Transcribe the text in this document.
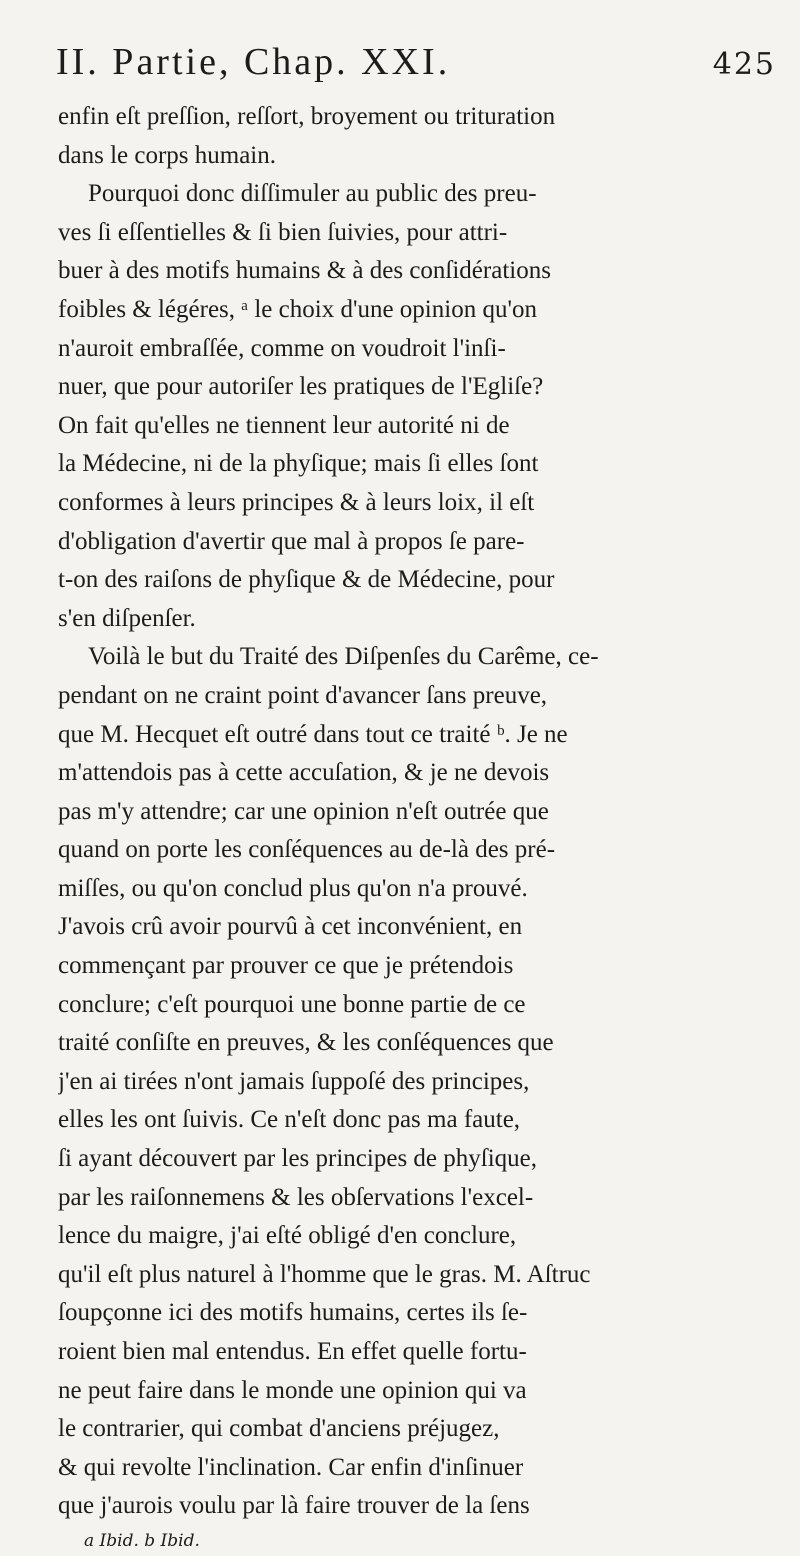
II. Partie, Chap. XXI.	425
enfin eſt preſſion, reſſort, broyement ou trituration
dans le corps humain.
Pourquoi donc diſſimuler au public des preu-
ves ſi eſſentielles & ſi bien ſuivies, pour attri-
buer à des motifs humains & à des conſidérations
foibles & légéres, ᵃ le choix d'une opinion qu'on
n'auroit embraſſée, comme on voudroit l'inſi-
nuer, que pour autoriſer les pratiques de l'Egliſe?
On fait qu'elles ne tiennent leur autorité ni de
la Médecine, ni de la phyſique; mais ſi elles ſont
conformes à leurs principes & à leurs loix, il eſt
d'obligation d'avertir que mal à propos ſe pare-
t-on des raiſons de phyſique & de Médecine, pour
s'en diſpenſer.
Voilà le but du Traité des Diſpenſes du Carême, ce-
pendant on ne craint point d'avancer ſans preuve,
que M. Hecquet eſt outré dans tout ce traité ᵇ. Je ne
m'attendois pas à cette accuſation, & je ne devois
pas m'y attendre; car une opinion n'eſt outrée que
quand on porte les conſéquences au de-là des pré-
miſſes, ou qu'on conclud plus qu'on n'a prouvé.
J'avois crû avoir pourvû à cet inconvénient, en
commençant par prouver ce que je prétendois
conclure; c'eſt pourquoi une bonne partie de ce
traité conſiſte en preuves, & les conſéquences que
j'en ai tirées n'ont jamais ſuppoſé des principes,
elles les ont ſuivis. Ce n'eſt donc pas ma faute,
ſi ayant découvert par les principes de phyſique,
par les raiſonnemens & les obſervations l'excel-
lence du maigre, j'ai eſté obligé d'en conclure,
qu'il eſt plus naturel à l'homme que le gras. M. Aſtruc
ſoupçonne ici des motifs humains, certes ils ſe-
roient bien mal entendus. En effet quelle fortu-
ne peut faire dans le monde une opinion qui va
le contrarier, qui combat d'anciens préjugez,
& qui revolte l'inclination. Car enfin d'inſinuer
que j'aurois voulu par là faire trouver de la ſens
a Ibid. b Ibid.
